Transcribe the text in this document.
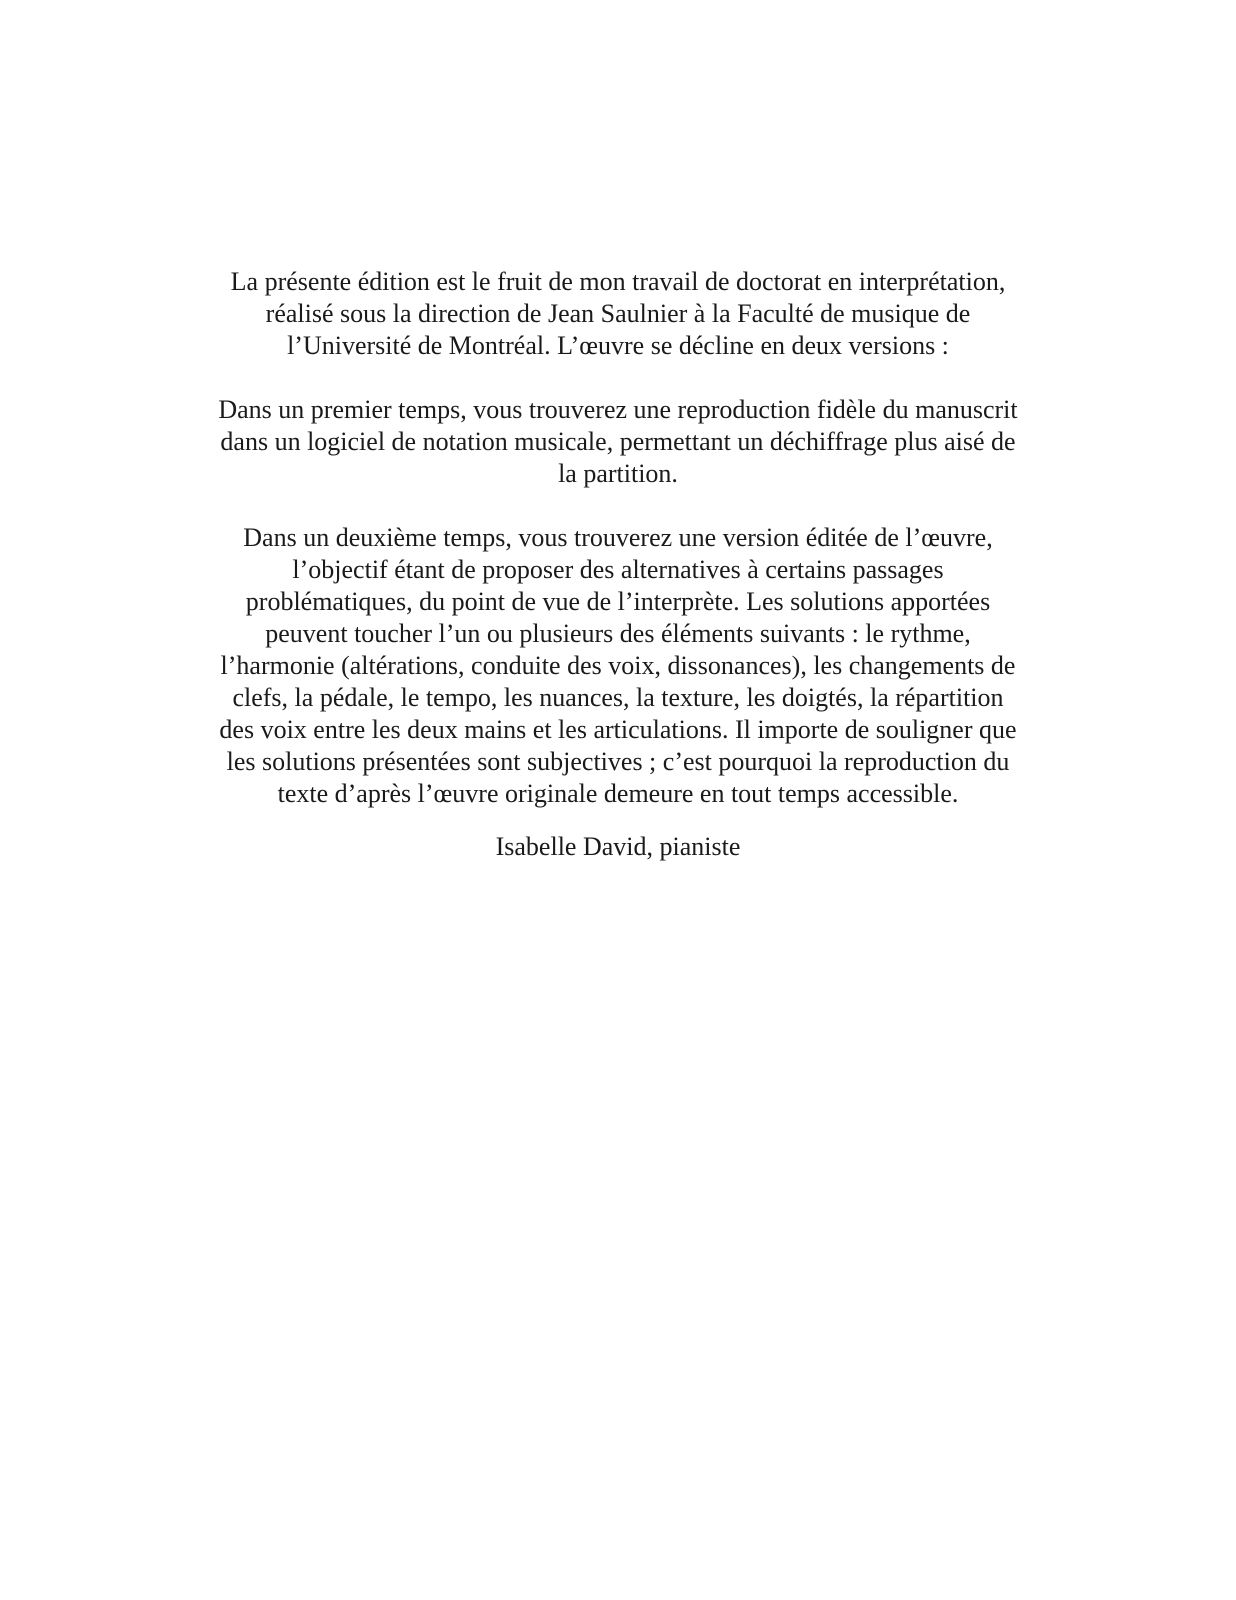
La présente édition est le fruit de mon travail de doctorat en interprétation,
réalisé sous la direction de Jean Saulnier à la Faculté de musique de
l’Université de Montréal. L’œuvre se décline en deux versions :

Dans un premier temps, vous trouverez une reproduction fidèle du manuscrit
dans un logiciel de notation musicale, permettant un déchiffrage plus aisé de
la partition.

Dans un deuxième temps, vous trouverez une version éditée de l’œuvre,
l’objectif étant de proposer des alternatives à certains passages
problématiques, du point de vue de l’interprète. Les solutions apportées
peuvent toucher l’un ou plusieurs des éléments suivants : le rythme,
l’harmonie (altérations, conduite des voix, dissonances), les changements de
clefs, la pédale, le tempo, les nuances, la texture, les doigtés, la répartition
des voix entre les deux mains et les articulations. Il importe de souligner que
les solutions présentées sont subjectives ; c’est pourquoi la reproduction du
texte d’après l’œuvre originale demeure en tout temps accessible.

Isabelle David, pianiste
